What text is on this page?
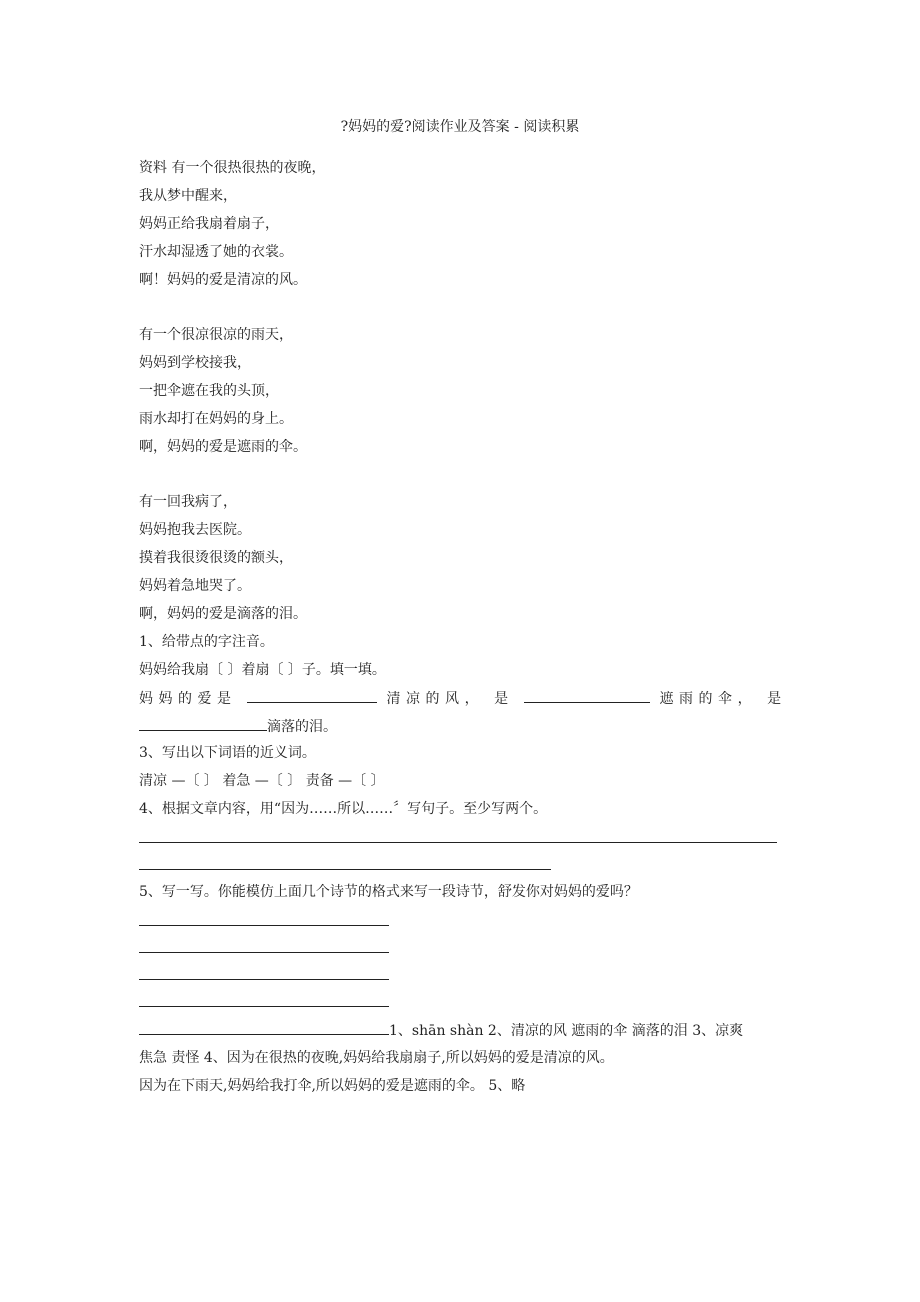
?妈妈的爱?阅读作业及答案 - 阅读积累
资料 有一个很热很热的夜晚，
我从梦中醒来，
妈妈正给我扇着扇子，
汗水却湿透了她的衣裳。
啊！妈妈的爱是清凉的风。
有一个很凉很凉的雨天，
妈妈到学校接我，
一把伞遮在我的头顶，
雨水却打在妈妈的身上。
啊，妈妈的爱是遮雨的伞。
有一回我病了，
妈妈抱我去医院。
摸着我很烫很烫的额头，
妈妈着急地哭了。
啊，妈妈的爱是滴落的泪。
1、给带点的字注音。
妈妈给我扇〔 〕着扇〔 〕子。填一填。
妈妈的爱是	清凉的风， 是	遮雨的伞， 是
滴落的泪。
3、写出以下词语的近义词。
清凉 —〔 〕 着急 —〔 〕 责备 —〔 〕
4、根据文章内容，用“因为……所以……〞写句子。至少写两个。
5、写一写。你能模仿上面几个诗节的格式来写一段诗节，舒发你对妈妈的爱吗？
1、shān shàn 2、清凉的风 遮雨的伞 滴落的泪 3、凉爽
焦急 责怪 4、因为在很热的夜晚,妈妈给我扇扇子,所以妈妈的爱是清凉的风。
因为在下雨天,妈妈给我打伞,所以妈妈的爱是遮雨的伞。 5、略
